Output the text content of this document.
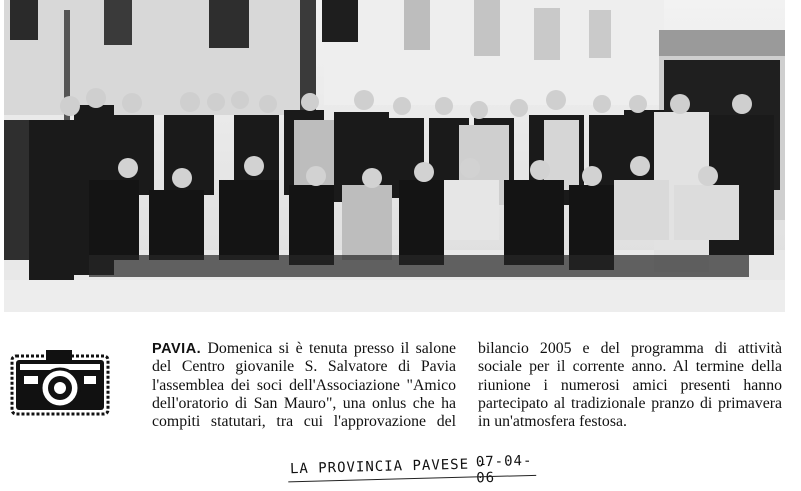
PAVIA. Domenica si è tenuta presso il salone del Centro giovanile S. Salvatore di Pavia l'assemblea dei soci dell'Associazione "Amico dell'oratorio di San Mauro", una onlus che ha compiti statutari, tra cui l'approvazione del bilancio 2005 e del programma di attività sociale per il corrente anno. Al termine della riunione i numerosi amici presenti hanno partecipato al tradizionale pranzo di primavera in un'atmosfera festosa.

LA PROVINCIA PAVESE -
07-04-06
